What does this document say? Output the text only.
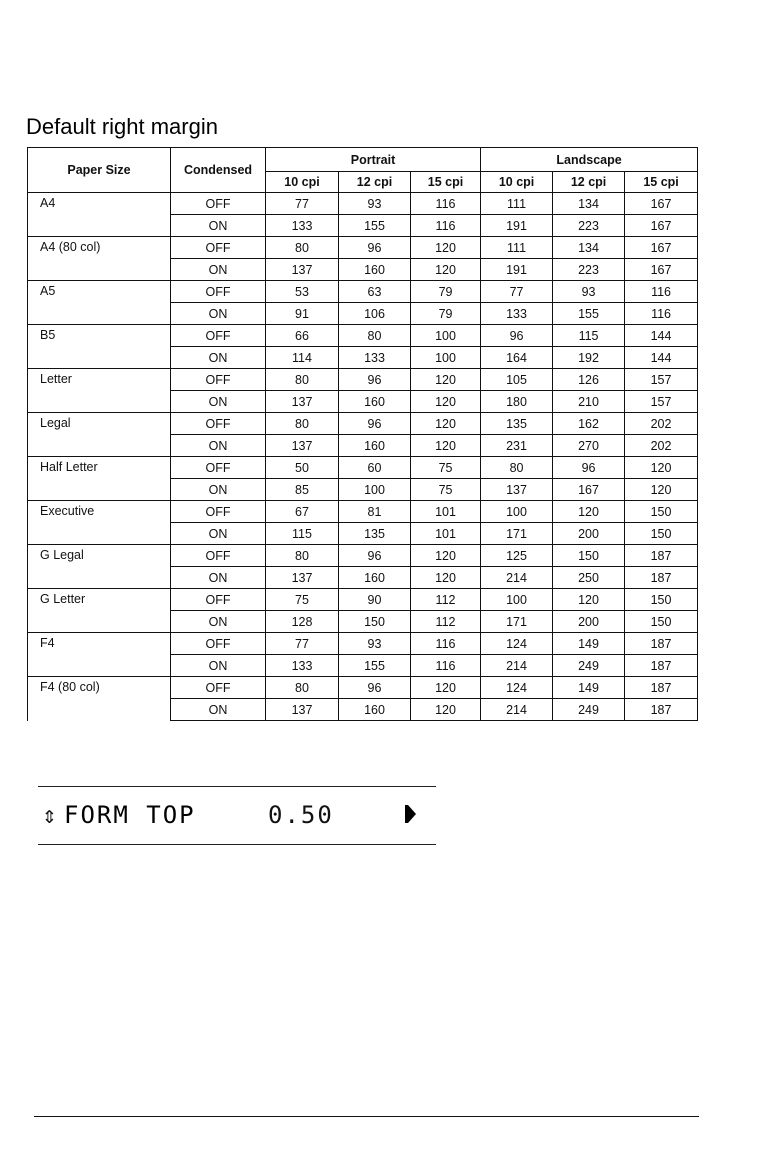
Default right margin
Paper Size	Condensed	Portrait			Landscape		
		10 cpi	12 cpi	15 cpi	10 cpi	12 cpi	15 cpi
A4	OFF	77	93	116	111	134	167
	ON	133	155	116	191	223	167
A4 (80 col)	OFF	80	96	120	111	134	167
	ON	137	160	120	191	223	167
A5	OFF	53	63	79	77	93	116
	ON	91	106	79	133	155	116
B5	OFF	66	80	100	96	115	144
	ON	114	133	100	164	192	144
Letter	OFF	80	96	120	105	126	157
	ON	137	160	120	180	210	157
Legal	OFF	80	96	120	135	162	202
	ON	137	160	120	231	270	202
Half Letter	OFF	50	60	75	80	96	120
	ON	85	100	75	137	167	120
Executive	OFF	67	81	101	100	120	150
	ON	115	135	101	171	200	150
G Legal	OFF	80	96	120	125	150	187
	ON	137	160	120	214	250	187
G Letter	OFF	75	90	112	100	120	150
	ON	128	150	112	171	200	150
F4	OFF	77	93	116	124	149	187
	ON	133	155	116	214	249	187
F4 (80 col)	OFF	80	96	120	124	149	187
	ON	137	160	120	214	249	187
⇕ FORM TOP	0.50
